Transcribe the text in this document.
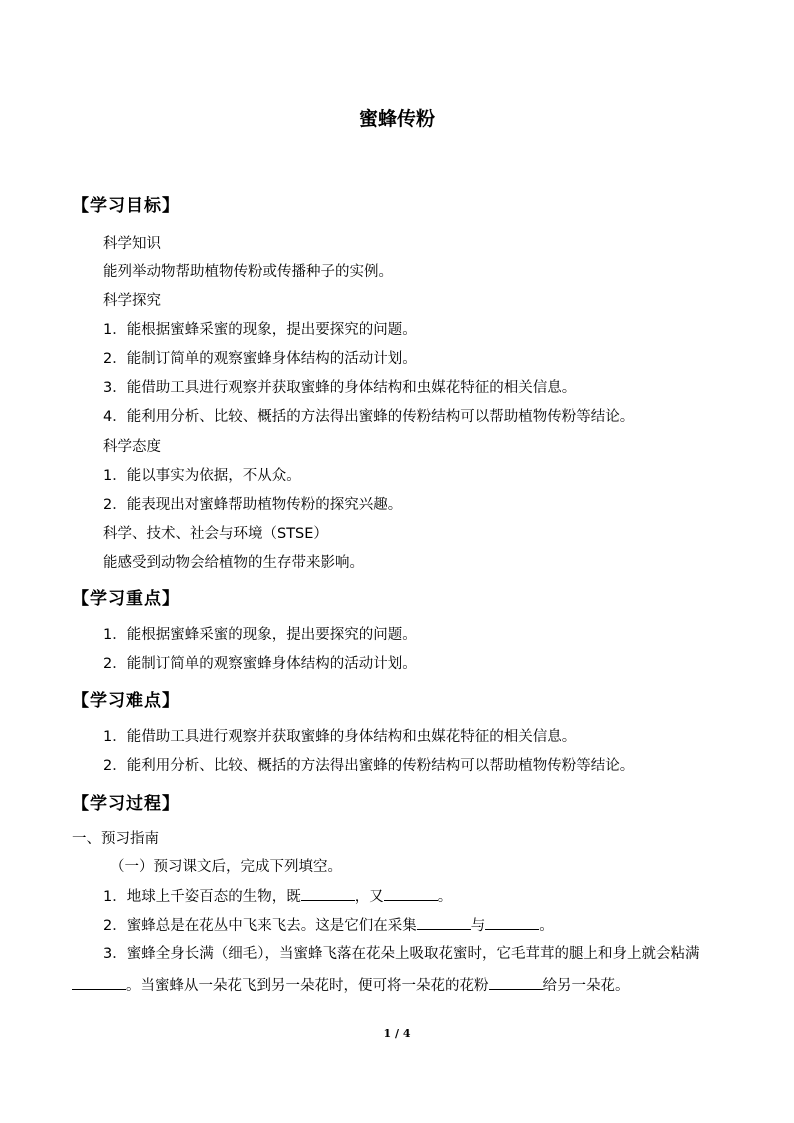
蜜蜂传粉
【学习目标】
科学知识
能列举动物帮助植物传粉或传播种子的实例。
科学探究
1．能根据蜜蜂采蜜的现象，提出要探究的问题。
2．能制订简单的观察蜜蜂身体结构的活动计划。
3．能借助工具进行观察并获取蜜蜂的身体结构和虫媒花特征的相关信息。
4．能利用分析、比较、概括的方法得出蜜蜂的传粉结构可以帮助植物传粉等结论。
科学态度
1．能以事实为依据，不从众。
2．能表现出对蜜蜂帮助植物传粉的探究兴趣。
科学、技术、社会与环境（STSE）
能感受到动物会给植物的生存带来影响。
【学习重点】
1．能根据蜜蜂采蜜的现象，提出要探究的问题。
2．能制订简单的观察蜜蜂身体结构的活动计划。
【学习难点】
1．能借助工具进行观察并获取蜜蜂的身体结构和虫媒花特征的相关信息。
2．能利用分析、比较、概括的方法得出蜜蜂的传粉结构可以帮助植物传粉等结论。
【学习过程】
一、预习指南
（一）预习课文后，完成下列填空。
1．地球上千姿百态的生物，既	，又	。
2．蜜蜂总是在花丛中飞来飞去。这是它们在采集	与	。
3．蜜蜂全身长满（细毛），当蜜蜂飞落在花朵上吸取花蜜时，它毛茸茸的腿上和身上就会粘满。当蜜蜂从一朵花飞到另一朵花时，便可将一朵花的花粉	给另一朵花。
1 / 4
